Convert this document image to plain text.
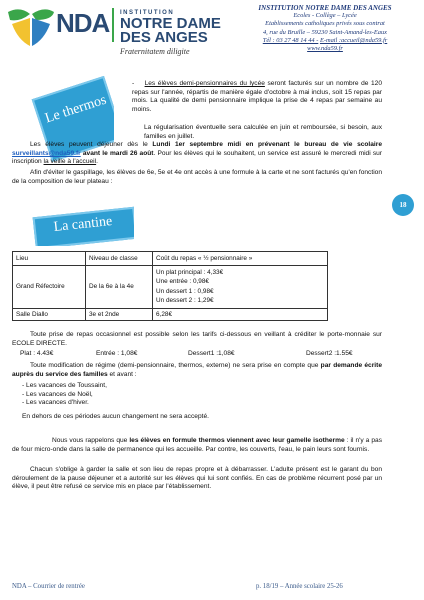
NDA INSTITUTION
NOTRE DAME DES ANGES
Fraternitatem diligite
INSTITUTION NOTRE DAME DES ANGES
Ecoles - Collège – Lycée
Etablissements catholiques privés sous contrat
4, rue du Bruille – 59230 Saint-Amand-les-Eaux
Tél : 03 27 48 14 44 - E-mail :accueil@nda59.fr
www.nda59.fr
Le thermos
- Les élèves demi-pensionnaires du lycée seront facturés sur un nombre de 120 repas sur l'année, répartis de manière égale d'octobre à mai inclus, soit 15 repas par mois. La qualité de demi pensionnaire implique la prise de 4 repas par semaine au moins.
La régularisation éventuelle sera calculée en juin et remboursée, si besoin, aux familles en juillet.
Les élèves peuvent déjeuner dès le Lundi 1er septembre midi en prévenant le bureau de vie scolaire surveillants@nda59.fr avant le mardi 26 août. Pour les élèves qui le souhaitent, un service est assuré le mercredi midi sur inscription la veille à l'accueil.
Afin d'éviter le gaspillage, les élèves de 6e, 5e et 4e ont accès à une formule à la carte et ne sont facturés qu'en fonction de la composition de leur plateau :
18
La cantine
Lieu	Niveau de classe	Coût du repas « ½ pensionnaire »
Grand Réfectoire	De la 6e à la 4e	Un plat principal : 4,33€
Une entrée : 0,98€
Un dessert 1 : 0,98€
Un dessert 2 : 1,29€

Salle Diallo	3e et 2nde	6,28€
Toute prise de repas occasionnel est possible selon les tarifs ci-dessous en veillant à créditer le porte-monnaie sur ECOLE DIRECTE.
Plat : 4.43€	Entrée : 1,08€	Dessert1 :1,08€	Dessert2 :1.55€
Toute modification de régime (demi-pensionnaire, thermos, externe) ne sera prise en compte que par demande écrite auprès du service des familles et avant :
- Les vacances de Toussaint,
- Les vacances de Noël,
- Les vacances d'hiver.
En dehors de ces périodes aucun changement ne sera accepté.
Nous vous rappelons que les élèves en formule thermos viennent avec leur gamelle isotherme : il n'y a pas de four micro-onde dans la salle de permanence qui les accueille. Par contre, les couverts, l'eau, le pain leurs sont fournis.
Chacun s'oblige à garder la salle et son lieu de repas propre et à débarrasser. L'adulte présent est le garant du bon déroulement de la pause déjeuner et a autorité sur les élèves qui lui sont confiés. En cas de problème récurrent posé par un élève, il peut être refusé ce service mis en place par l'établissement.
NDA – Courrier de rentrée	p. 18/19 – Année scolaire 25-26
